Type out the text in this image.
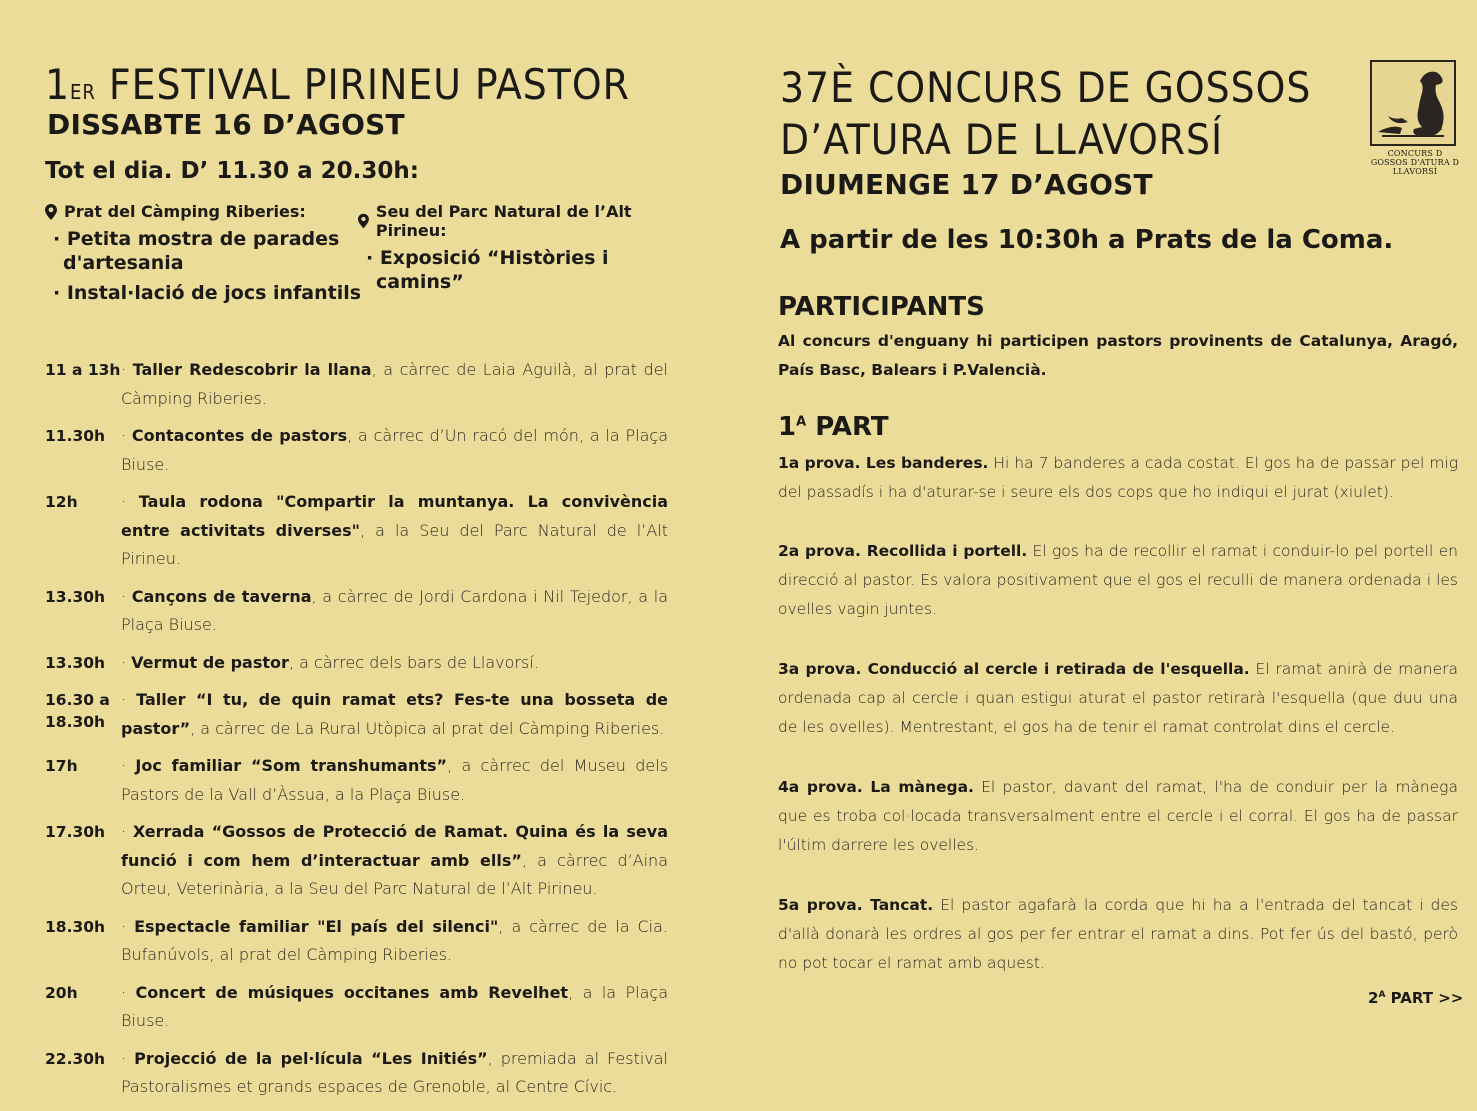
1ER FESTIVAL PIRINEU PASTOR
DISSABTE 16 D’AGOST
Tot el dia. D’ 11.30 a 20.30h:
Prat del Càmping Riberies:
· Petita mostra de parades d'artesania
· Instal·lació de jocs infantils
Seu del Parc Natural de l’Alt Pirineu:
· Exposició “Històries i camins”
11 a 13h · Taller Redescobrir la llana, a càrrec de Laia Aguilà, al prat del Càmping Riberies.
11.30h · Contacontes de pastors, a càrrec d’Un racó del món, a la Plaça Biuse.
12h	· Taula rodona "Compartir la muntanya. La convivència entre activitats diverses", a la Seu del Parc Natural de l’Alt Pirineu.
13.30h · Cançons de taverna, a càrrec de Jordi Cardona i Nil Tejedor, a la Plaça Biuse.
13.30h · Vermut de pastor, a càrrec dels bars de Llavorsí.
16.30 a 18.30h
· Taller “I tu, de quin ramat ets? Fes-te una bosseta de pastor”, a càrrec de La Rural Utòpica al prat del Càmping Riberies.
17h	· Joc familiar “Som transhumants”, a càrrec del Museu dels Pastors de la Vall d’Àssua, a la Plaça Biuse.
17.30h · Xerrada “Gossos de Protecció de Ramat. Quina és la seva funció i com hem d’interactuar amb ells”, a càrrec d’Aina Orteu, Veterinària, a la Seu del Parc Natural de l’Alt Pirineu.
18.30h · Espectacle familiar "El país del silenci", a càrrec de la Cia. Bufanúvols, al prat del Càmping Riberies.
20h	· Concert de músiques occitanes amb Revelhet, a la Plaça Biuse.
22.30h · Projecció de la pel·lícula “Les Initiés”, premiada al Festival Pastoralismes et grands espaces de Grenoble, al Centre Cívic.
37È CONCURS DE GOSSOS
D’ATURA DE LLAVORSÍ
DIUMENGE 17 D’AGOST
CONCURS D GOSSOS D'ATURA D LLAVORSÍ
A partir de les 10:30h a Prats de la Coma.
PARTICIPANTS
Al concurs d'enguany hi participen pastors provinents de Catalunya, Aragó, País Basc, Balears i P.Valencià.
$1^A$ PART
1a prova. Les banderes. Hi ha 7 banderes a cada costat. El gos ha de passar pel mig del passadís i ha d'aturar-se i seure els dos cops que ho indiqui el jurat (xiulet).
2a prova. Recollida i portell. El gos ha de recollir el ramat i conduir-lo pel portell en direcció al pastor. Es valora positivament que el gos el reculli de manera ordenada i les ovelles vagin juntes.
3a prova. Conducció al cercle i retirada de l'esquella. El ramat anirà de manera ordenada cap al cercle i quan estigui aturat el pastor retirarà l'esquella (que duu una de les ovelles). Mentrestant, el gos ha de tenir el ramat controlat dins el cercle.
4a prova. La mànega. El pastor, davant del ramat, l'ha de conduir per la mànega que es troba col·locada transversalment entre el cercle i el corral. El gos ha de passar l'últim darrere les ovelles.
5a prova. Tancat. El pastor agafarà la corda que hi ha a l'entrada del tancat i des d'allà donarà les ordres al gos per fer entrar el ramat a dins. Pot fer ús del bastó, però no pot tocar el ramat amb aquest.
$2^A$ PART >>
